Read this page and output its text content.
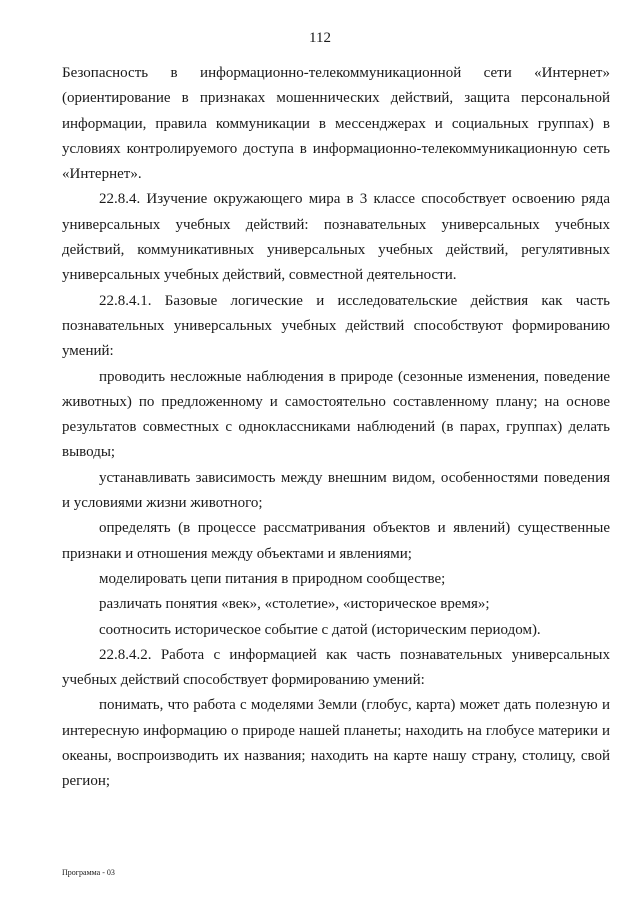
112

Безопасность в информационно-телекоммуникационной сети «Интернет» (ориентирование в признаках мошеннических действий, защита персональной информации, правила коммуникации в мессенджерах и социальных группах) в условиях контролируемого доступа в информационно-телекоммуникационную сеть «Интернет».

22.8.4. Изучение окружающего мира в 3 классе способствует освоению ряда универсальных учебных действий: познавательных универсальных учебных действий, коммуникативных универсальных учебных действий, регулятивных универсальных учебных действий, совместной деятельности.

22.8.4.1. Базовые логические и исследовательские действия как часть познавательных универсальных учебных действий способствуют формированию умений:

проводить несложные наблюдения в природе (сезонные изменения, поведение животных) по предложенному и самостоятельно составленному плану; на основе результатов совместных с одноклассниками наблюдений (в парах, группах) делать выводы;

устанавливать зависимость между внешним видом, особенностями поведения и условиями жизни животного;

определять (в процессе рассматривания объектов и явлений) существенные признаки и отношения между объектами и явлениями;

моделировать цепи питания в природном сообществе;

различать понятия «век», «столетие», «историческое время»;

соотносить историческое событие с датой (историческим периодом).

22.8.4.2. Работа с информацией как часть познавательных универсальных учебных действий способствует формированию умений:

понимать, что работа с моделями Земли (глобус, карта) может дать полезную и интересную информацию о природе нашей планеты; находить на глобусе материки и океаны, воспроизводить их названия; находить на карте нашу страну, столицу, свой регион;

Программа - 03
